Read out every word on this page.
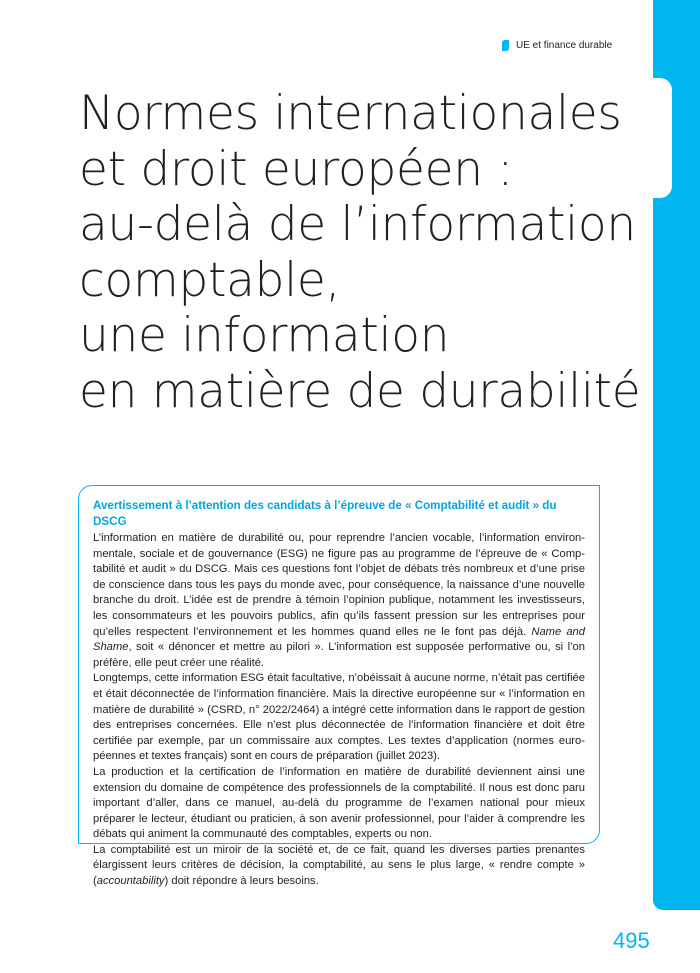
UE et finance durable
Normes internationales
et droit européen :
au-delà de l’information
comptable,
une information
en matière de durabilité
Avertissement à l’attention des candidats à l’épreuve de « Comptabilité et audit » du DSCG

L’information en matière de durabilité ou, pour reprendre l’ancien vocable, l’information environmentale, sociale et de gouvernance (ESG) ne figure pas au programme de l’épreuve de « Comptabilité et audit » du DSCG. Mais ces questions font l’objet de débats très nombreux et d’une prise de conscience dans tous les pays du monde avec, pour conséquence, la naissance d’une nouvelle branche du droit. L’idée est de prendre à témoin l’opinion publique, notamment les investisseurs, les consommateurs et les pouvoirs publics, afin qu’ils fassent pression sur les entreprises pour qu’elles respectent l’environnement et les hommes quand elles ne le font pas déjà. Name and Shame, soit « dénoncer et mettre au pilori ». L’information est supposée performative ou, si l’on préfère, elle peut créer une réalité.

Longtemps, cette information ESG était facultative, n’obéissait à aucune norme, n’était pas certifiée et était déconnectée de l’information financière. Mais la directive européenne sur « l’information en matière de durabilité » (CSRD, n° 2022/2464) a intégré cette information dans le rapport de gestion des entreprises concernées. Elle n’est plus déconnectée de l’information financière et doit être certifiée par exemple, par un commissaire aux comptes. Les textes d’application (normes européennes et textes français) sont en cours de préparation (juillet 2023).

La production et la certification de l’information en matière de durabilité deviennent ainsi une extension du domaine de compétence des professionnels de la comptabilité. Il nous est donc paru important d’aller, dans ce manuel, au-delà du programme de l’examen national pour mieux préparer le lecteur, étudiant ou praticien, à son avenir professionnel, pour l’aider à comprendre les débats qui animent la communauté des comptables, experts ou non.

La comptabilité est un miroir de la société et, de ce fait, quand les diverses parties prenantes élargissent leurs critères de décision, la comptabilité, au sens le plus large, « rendre compte » (accountability) doit répondre à leurs besoins.

495
